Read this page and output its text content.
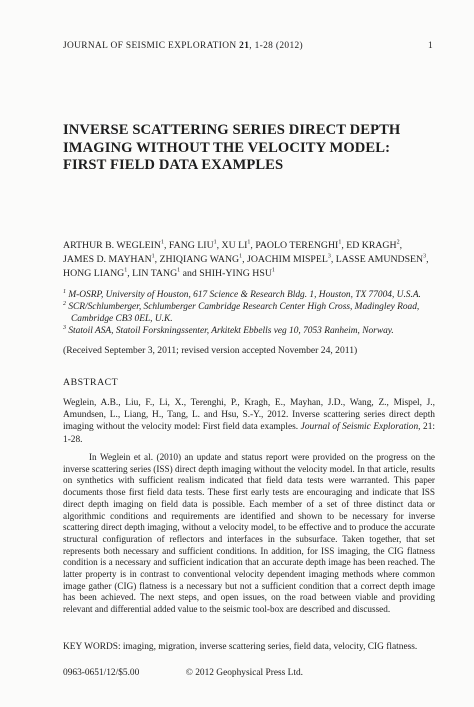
JOURNAL OF SEISMIC EXPLORATION 21, 1-28 (2012)	1
INVERSE SCATTERING SERIES DIRECT DEPTH IMAGING WITHOUT THE VELOCITY MODEL: FIRST FIELD DATA EXAMPLES
ARTHUR B. WEGLEIN$^1$, FANG LIU$^1$, XU $LI^1$, PAOLO TERENGHI$^1$, ED KRAGH$^2$, JAMES D. MAYHAN$^1$, ZHIQIANG WANG$^1$, JOACHIM MISPEL$^3$, LASSE AMUNDSEN$^3$, HONG LIANG$^1$, LIN TANG$^1$ and SHIH-YING HSU$^1$
$^1$ M-OSRP, University of Houston, 617 Science & Research Bldg. 1, Houston, TX 77004, U.S.A.
$^2$ SCR/Schlumberger, Schlumberger Cambridge Research Center High Cross, Madingley Road,
Cambridge CB3 0EL, U.K.
$^3$ Statoil ASA, Statoil Forskningssenter, Arkitekt Ebbells veg 10, 7053 Ranheim, Norway.
(Received September 3, 2011; revised version accepted November 24, 2011)
ABSTRACT
Weglein, A.B., Liu, F., Li, X., Terenghi, P., Kragh, E., Mayhan, J.D., Wang, Z., Mispel, J., Amundsen, L., Liang, H., Tang, L. and Hsu, S.-Y., 2012. Inverse scattering series direct depth imaging without the velocity model: First field data examples. Journal of Seismic Exploration, 21: 1-28.
In Weglein et al. (2010) an update and status report were provided on the progress on the inverse scattering series (ISS) direct depth imaging without the velocity model. In that article, results on synthetics with sufficient realism indicated that field data tests were warranted. This paper documents those first field data tests. These first early tests are encouraging and indicate that ISS direct depth imaging on field data is possible. Each member of a set of three distinct data or algorithmic conditions and requirements are identified and shown to be necessary for inverse scattering direct depth imaging, without a velocity model, to be effective and to produce the accurate structural configuration of reflectors and interfaces in the subsurface. Taken together, that set represents both necessary and sufficient conditions. In addition, for ISS imaging, the CIG flatness condition is a necessary and sufficient indication that an accurate depth image has been reached. The latter property is in contrast to conventional velocity dependent imaging methods where common image gather (CIG) flatness is a necessary but not a sufficient condition that a correct depth image has been achieved. The next steps, and open issues, on the road between viable and providing relevant and differential added value to the seismic tool-box are described and discussed.
KEY WORDS: imaging, migration, inverse scattering series, field data, velocity, CIG flatness.
0963-0651/12/$5.00	© 2012 Geophysical Press Ltd.
